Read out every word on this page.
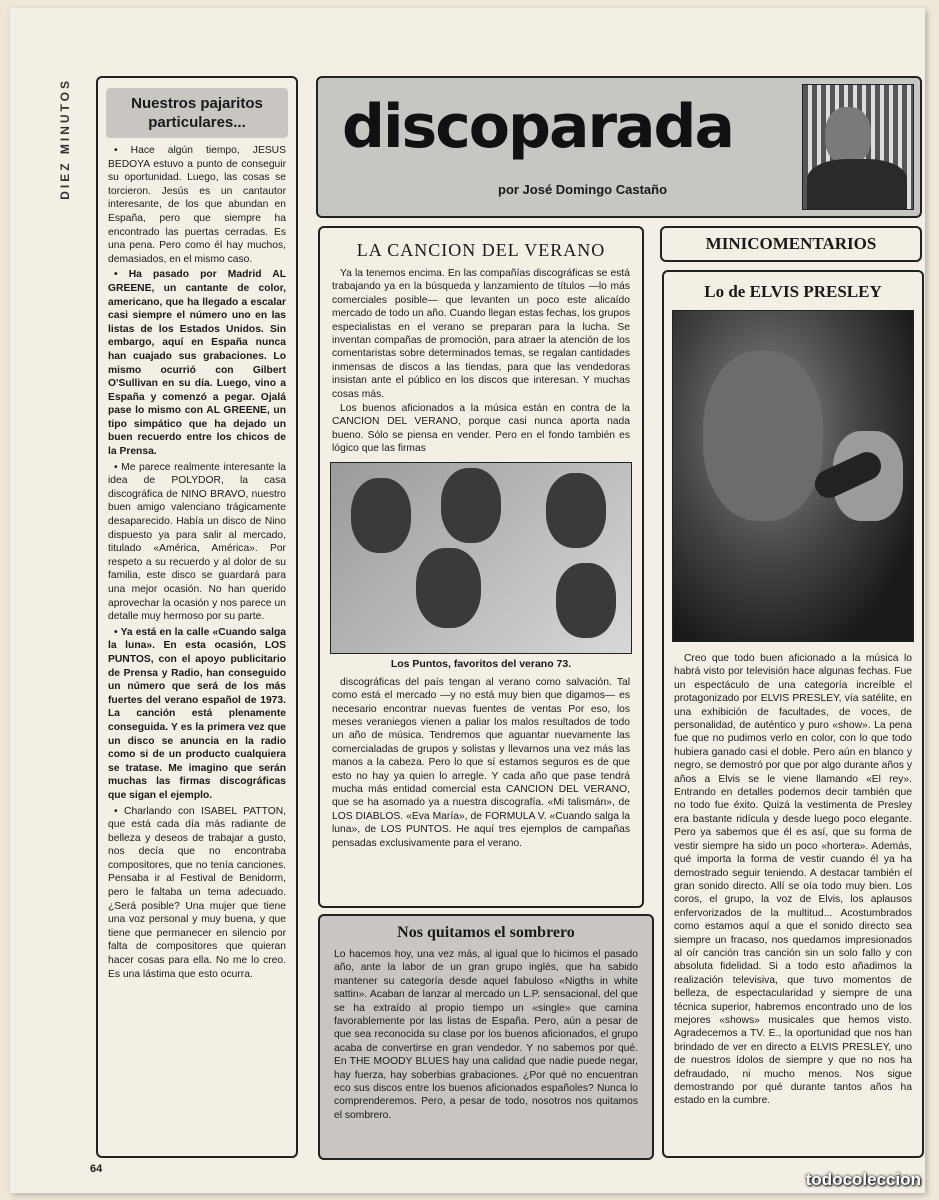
DIEZ MINUTOS	Nuestros pajaritos particulares...

• Hace algún tiempo, JESUS BEDOYA estuvo a punto de conseguir su oportunidad. Luego, las cosas se torcieron. Jesús es un cantautor interesante, de los que abundan en España, pero que siempre ha encontrado las puertas cerradas. Es una pena. Pero como él hay muchos, demasiados, en el mismo caso.

• Ha pasado por Madrid AL GREENE, un cantante de color, americano, que ha llegado a escalar casi siempre el número uno en las listas de los Estados Unidos. Sin embargo, aquí en España nunca han cuajado sus grabaciones. Lo mismo ocurrió con Gilbert O'Sullivan en su día. Luego, vino a España y comenzó a pegar. Ojalá pase lo mismo con AL GREENE, un tipo simpático que ha dejado un buen recuerdo entre los chicos de la Prensa.

• Me parece realmente interesante la idea de POLYDOR, la casa discográfica de NINO BRAVO, nuestro buen amigo valenciano trágicamente desaparecido. Había un disco de Nino dispuesto ya para salir al mercado, titulado «América, América». Por respeto a su recuerdo y al dolor de su familia, este disco se guardará para una mejor ocasión. No han querido aprovechar la ocasión y nos parece un detalle muy hermoso por su parte.

• Ya está en la calle «Cuando salga la luna». En esta ocasión, LOS PUNTOS, con el apoyo publicitario de Prensa y Radio, han conseguido un número que será de los más fuertes del verano español de 1973. La canción está plenamente conseguida. Y es la primera vez que un disco se anuncia en la radio como si de un producto cualquiera se tratase. Me imagino que serán muchas las firmas discográficas que sigan el ejemplo.

• Charlando con ISABEL PATTON, que está cada día más radiante de belleza y deseos de trabajar a gusto, nos decía que no encontraba compositores, que no tenía canciones. Pensaba ir al Festival de Benidorm, pero le faltaba un tema adecuado. ¿Será posible? Una mujer que tiene una voz personal y muy buena, y que tiene que permanecer en silencio por falta de compositores que quieran hacer cosas para ella. No me lo creo. Es una lástima que esto ocurra.

discoparada
por José Domingo Castaño
LA CANCION DEL VERANO

Ya la tenemos encima. En las compañías discográficas se está trabajando ya en la búsqueda y lanzamiento de títulos —lo más comerciales posible— que levanten un poco este alicaído mercado de todo un año. Cuando llegan estas fechas, los grupos especialistas en el verano se preparan para la lucha. Se inventan compañas de promoción, para atraer la atención de los comentaristas sobre determinados temas, se regalan cantidades inmensas de discos a las tiendas, para que las vendedoras insistan ante el público en los discos que interesan. Y muchas cosas más.

Los buenos aficionados a la música están en contra de la CANCION DEL VERANO, porque casi nunca aporta nada bueno. Sólo se piensa en vender. Pero en el fondo también es lógico que las firmas

Los Puntos, favoritos del verano 73.

discográficas del país tengan al verano como salvación. Tal como está el mercado —y no está muy bien que digamos— es necesario encontrar nuevas fuentes de ventas Por eso, los meses veraniegos vienen a paliar los malos resultados de todo un año de música. Tendremos que aguantar nuevamente las comercialadas de grupos y solistas y llevarnos una vez más las manos a la cabeza. Pero lo que sí estamos seguros es de que esto no hay ya quien lo arregle. Y cada año que pase tendrá mucha más entidad comercial esta CANCION DEL VERANO, que se ha asomado ya a nuestra discografía. «Mi talismán», de LOS DIABLOS. «Eva María», de FORMULA V. «Cuando salga la luna», de LOS PUNTOS. He aquí tres ejemplos de campañas pensadas exclusivamente para el verano.

Nos quitamos el sombrero
Lo hacemos hoy, una vez más, al igual que lo hicimos el pasado año, ante la labor de un gran grupo inglés, que ha sabido mantener su categoría desde aquel fabuloso «Nigths in white sattin». Acaban de lanzar al mercado un L.P. sensacional, del que se ha extraído al propio tiempo un «single» que camina favorablemente por las listas de España. Pero, aún a pesar de que sea reconocida su clase por los buenos aficionados, el grupo acaba de convertirse en gran vendedor. Y no sabemos por qué. En THE MOODY BLUES hay una calidad que nadie puede negar, hay fuerza, hay soberbias grabaciones. ¿Por qué no encuentran eco sus discos entre los buenos aficionados españoles? Nunca lo comprenderemos. Pero, a pesar de todo, nosotros nos quitamos el sombrero.
MINICOMENTARIOS
Lo de ELVIS PRESLEY

Creo que todo buen aficionado a la música lo habrá visto por televisión hace algunas fechas. Fue un espectáculo de una categoría increíble el protagonizado por ELVIS PRESLEY, vía satélite, en una exhibición de facultades, de voces, de personalidad, de auténtico y puro «show». La pena fue que no pudimos verlo en color, con lo que todo hubiera ganado casi el doble. Pero aún en blanco y negro, se demostró por que por algo durante años y años a Elvis se le viene llamando «El rey». Entrando en detalles podemos decir también que no todo fue éxito. Quizá la vestimenta de Presley era bastante ridícula y desde luego poco elegante. Pero ya sabemos que él es así, que su forma de vestir siempre ha sido un poco «hortera». Además, qué importa la forma de vestir cuando él ya ha demostrado seguir teniendo. A destacar también el gran sonido directo. Allí se oía todo muy bien. Los coros, el grupo, la voz de Elvis, los aplausos enfervorizados de la multitud... Acostumbrados como estamos aquí a que el sonido directo sea siempre un fracaso, nos quedamos impresionados al oír canción tras canción sin un solo fallo y con absoluta fidelidad. Si a todo esto añadimos la realización televisiva, que tuvo momentos de belleza, de espectacularidad y siempre de una técnica superior, habremos encontrado uno de los mejores «shows» musicales que hemos visto. Agradecemos a TV. E., la oportunidad que nos han brindado de ver en directo a ELVIS PRESLEY, uno de nuestros ídolos de siempre y que no nos ha defraudado, ni mucho menos. Nos sigue demostrando por qué durante tantos años ha estado en la cumbre.

64
todocoleccion
